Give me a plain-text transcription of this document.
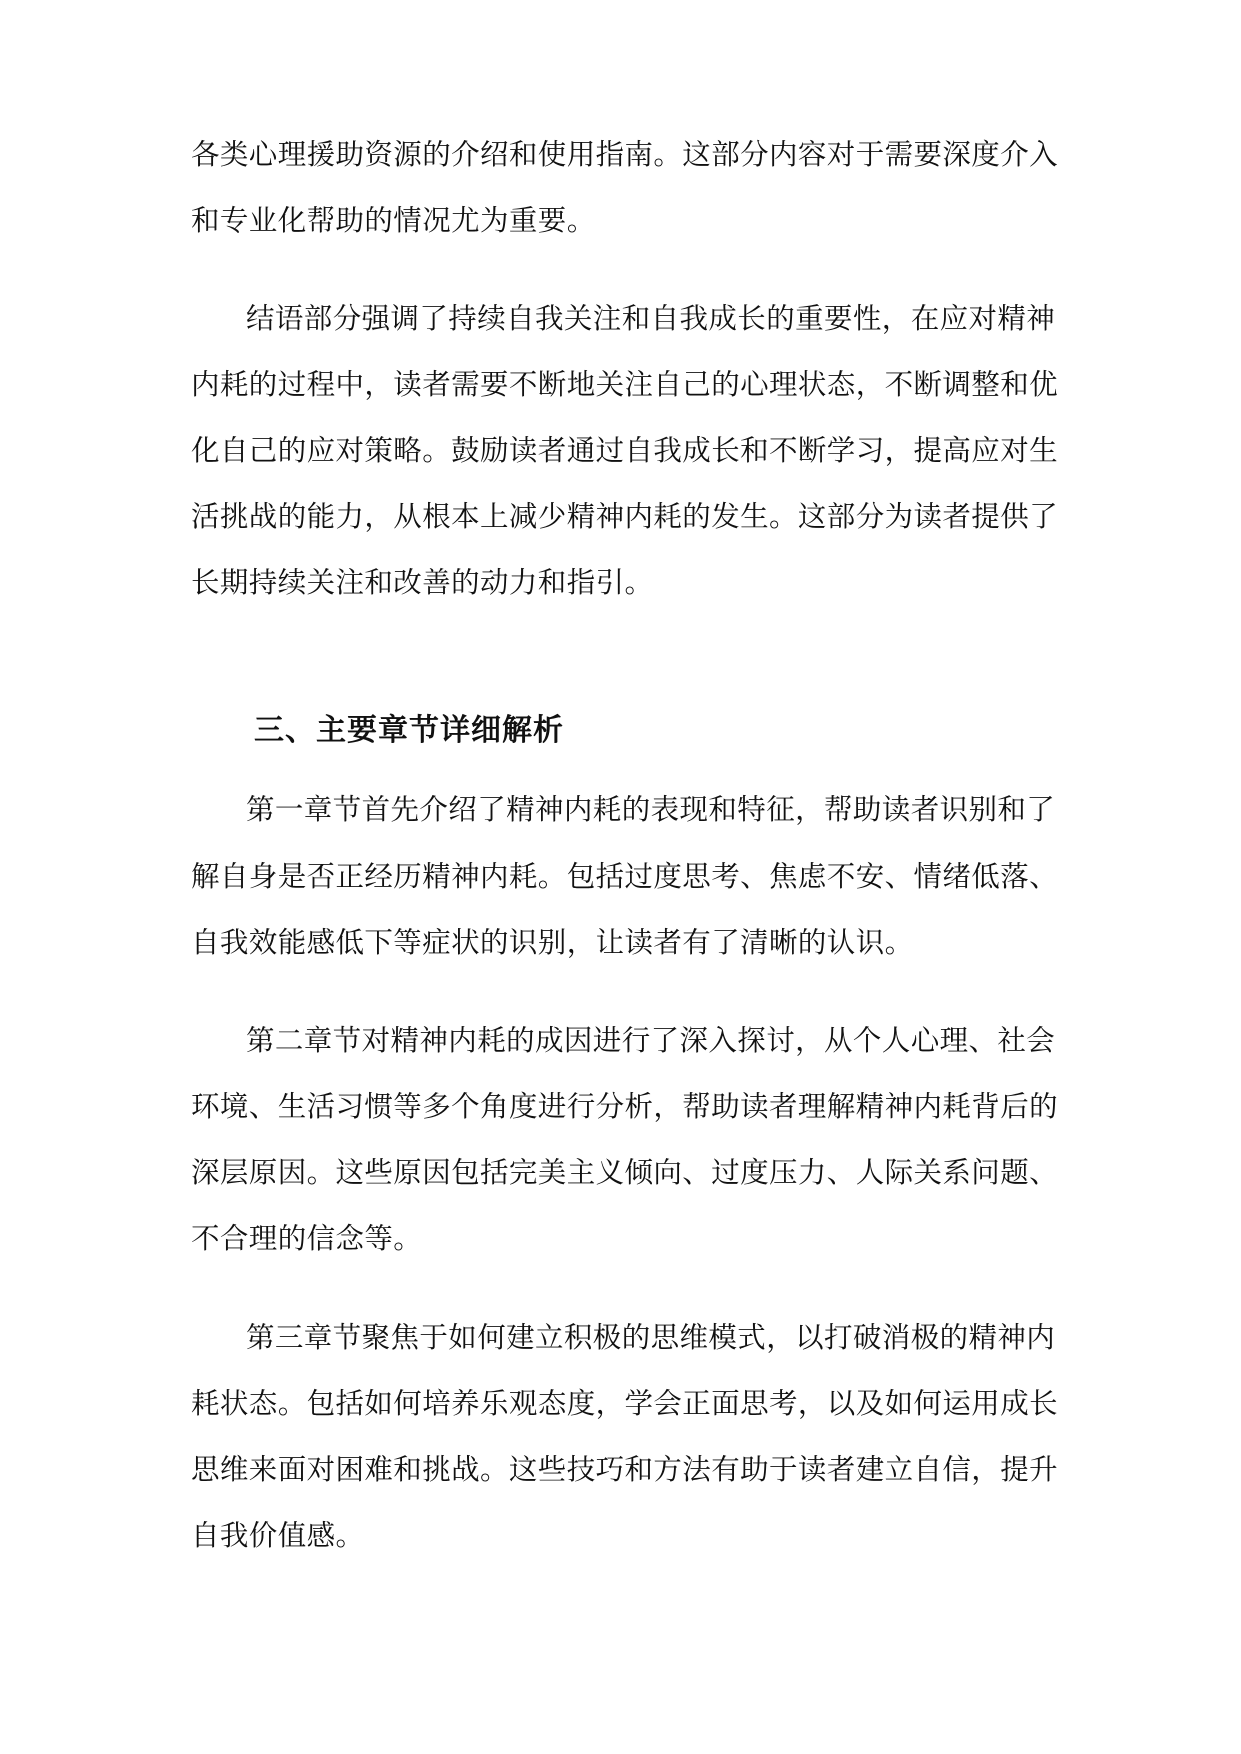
各类心理援助资源的介绍和使用指南。这部分内容对于需要深度介入
和专业化帮助的情况尤为重要。
结语部分强调了持续自我关注和自我成长的重要性，在应对精神
内耗的过程中，读者需要不断地关注自己的心理状态，不断调整和优
化自己的应对策略。鼓励读者通过自我成长和不断学习，提高应对生
活挑战的能力，从根本上减少精神内耗的发生。这部分为读者提供了
长期持续关注和改善的动力和指引。
三、主要章节详细解析
第一章节首先介绍了精神内耗的表现和特征，帮助读者识别和了
解自身是否正经历精神内耗。包括过度思考、焦虑不安、情绪低落、
自我效能感低下等症状的识别，让读者有了清晰的认识。
第二章节对精神内耗的成因进行了深入探讨，从个人心理、社会
环境、生活习惯等多个角度进行分析，帮助读者理解精神内耗背后的
深层原因。这些原因包括完美主义倾向、过度压力、人际关系问题、
不合理的信念等。
第三章节聚焦于如何建立积极的思维模式，以打破消极的精神内
耗状态。包括如何培养乐观态度，学会正面思考，以及如何运用成长
思维来面对困难和挑战。这些技巧和方法有助于读者建立自信，提升
自我价值感。
